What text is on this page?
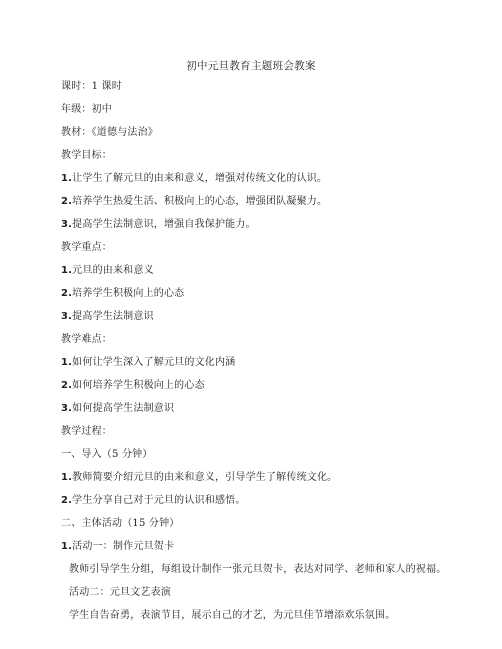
初中元旦教育主题班会教案
课时：1 课时
年级：初中
教材：《道德与法治》
教学目标：
1.让学生了解元旦的由来和意义，增强对传统文化的认识。
2.培养学生热爱生活、积极向上的心态，增强团队凝聚力。
3.提高学生法制意识，增强自我保护能力。
教学重点：
1.元旦的由来和意义
2.培养学生积极向上的心态
3.提高学生法制意识
教学难点：
1.如何让学生深入了解元旦的文化内涵
2.如何培养学生积极向上的心态
3.如何提高学生法制意识
教学过程：
一、导入（5 分钟）
1.教师简要介绍元旦的由来和意义，引导学生了解传统文化。
2.学生分享自己对于元旦的认识和感悟。
二、主体活动（15 分钟）
1.活动一：制作元旦贺卡
教师引导学生分组，每组设计制作一张元旦贺卡，表达对同学、老师和家人的祝福。
活动二：元旦文艺表演
学生自告奋勇，表演节目，展示自己的才艺，为元旦佳节增添欢乐氛围。
